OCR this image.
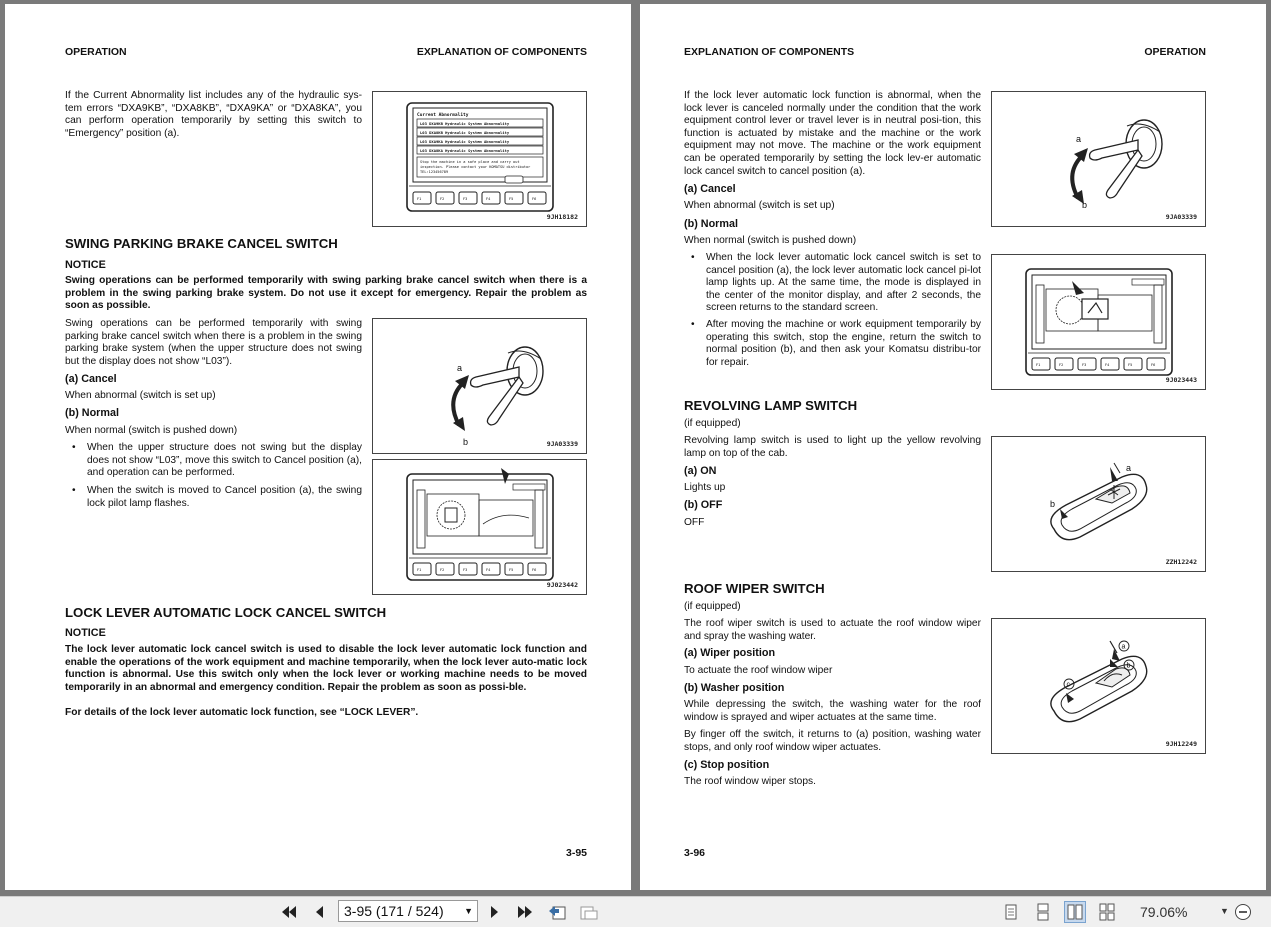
OPERATION	EXPLANATION OF COMPONENTS
If the Current Abnormality list includes any of the hydraulic sys-tem errors “DXA9KB”, “DXA8KB”, “DXA9KA” or “DXA8KA”, you can perform operation temporarily by setting this switch to “Emergency” position (a).
Current Abnormality
L03 DXA9KB Hydraulic System Abnormality
L03 DXA8KB Hydraulic System Abnormality
L03 DXA9KA Hydraulic System Abnormality
L03 DXA8KA Hydraulic System Abnormality
Stop the machine in a safe place and carry out
inspection. Please contact your KOMATSU distributor
TEL:123456789
F1	F2	F3	F4	F5	F6
9JH18182
SWING PARKING BRAKE CANCEL SWITCH
NOTICE
Swing operations can be performed temporarily with swing parking brake cancel switch when there is a problem in the swing parking brake system. Do not use it except for emergency. Repair the problem as soon as possible.
Swing operations can be performed temporarily with swing parking brake cancel switch when there is a problem in the swing parking brake system (when the upper structure does not swing but the display does not show “L03”).
(a) Cancel
When abnormal (switch is set up)
(b) Normal
When normal (switch is pushed down)
• When the upper structure does not swing but the display does not show “L03”, move this switch to Cancel position (a), and operation can be performed.
• When the switch is moved to Cancel position (a), the swing lock pilot lamp flashes.
a
b	9JA03339
F1	F2	F3	F4	F5	F6
9J023442
LOCK LEVER AUTOMATIC LOCK CANCEL SWITCH
NOTICE
The lock lever automatic lock cancel switch is used to disable the lock lever automatic lock function and enable the operations of the work equipment and machine temporarily, when the lock lever auto-matic lock function is abnormal. Use this switch only when the lock lever or working machine needs to be moved temporarily in an abnormal and emergency condition. Repair the problem as soon as possi-ble.
For details of the lock lever automatic lock function, see “LOCK LEVER”.
3-95
EXPLANATION OF COMPONENTS	OPERATION
If the lock lever automatic lock function is abnormal, when the lock lever is canceled normally under the condition that the work equipment control lever or travel lever is in neutral posi-tion, this function is actuated by mistake and the machine or the work equipment may not move. The machine or the work equipment can be operated temporarily by setting the lock lev-er automatic lock cancel switch to cancel position (a).
(a) Cancel
When abnormal (switch is set up)
(b) Normal
When normal (switch is pushed down)
• When the lock lever automatic lock cancel switch is set to cancel position (a), the lock lever automatic lock cancel pi-lot lamp lights up. At the same time, the mode is displayed in the center of the monitor display, and after 2 seconds, the screen returns to the standard screen.
• After moving the machine or work equipment temporarily by operating this switch, stop the engine, return the switch to normal position (b), and then ask your Komatsu distribu-tor for repair.
a
b
9JA03339
F1	F2	F3	F4	F5	F6
9J023443
REVOLVING LAMP SWITCH
(if equipped)
Revolving lamp switch is used to light up the yellow revolving lamp on top of the cab.
(a) ON
Lights up
(b) OFF
OFF
a
b
ZZH12242
ROOF WIPER SWITCH
(if equipped)
The roof wiper switch is used to actuate the roof window wiper and spray the washing water.
(a) Wiper position
To actuate the roof window wiper
(b) Washer position
While depressing the switch, the washing water for the roof window is sprayed and wiper actuates at the same time.
By finger off the switch, it returns to (a) position, washing water stops, and only roof window wiper actuates.
(c) Stop position
The roof window wiper stops.
a
b
c
9JH12249
3-96
3-95 (171 / 524) ▼	79.06%	▼
